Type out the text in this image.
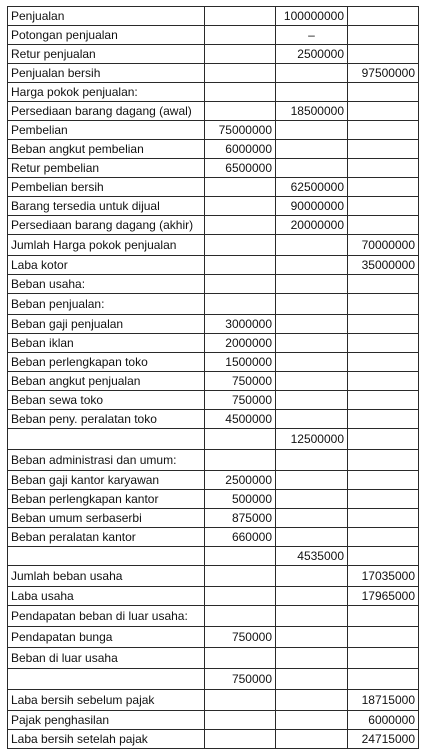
Penjualan		100000000	
Potongan penjualan		–	
Retur penjualan		2500000	
Penjualan bersih			97500000
Harga pokok penjualan:			
Persediaan barang dagang (awal)		18500000	
Pembelian	75000000		
Beban angkut pembelian	6000000		
Retur pembelian	6500000		
Pembelian bersih		62500000	
Barang tersedia untuk dijual		90000000	
Persediaan barang dagang (akhir)		20000000	
Jumlah Harga pokok penjualan			70000000
Laba kotor			35000000
Beban usaha:			
Beban penjualan:			
Beban gaji penjualan	3000000		
Beban iklan	2000000		
Beban perlengkapan toko	1500000		
Beban angkut penjualan	750000		
Beban sewa toko	750000		
Beban peny. peralatan toko	4500000		
		12500000	
Beban administrasi dan umum:			
Beban gaji kantor karyawan	2500000		
Beban perlengkapan kantor	500000		
Beban umum serbaserbi	875000		
Beban peralatan kantor	660000		
		4535000	
Jumlah beban usaha			17035000
Laba usaha			17965000
Pendapatan beban di luar usaha:			
Pendapatan bunga	750000		
Beban di luar usaha			
	750000		
Laba bersih sebelum pajak			18715000
Pajak penghasilan			6000000
Laba bersih setelah pajak			24715000
